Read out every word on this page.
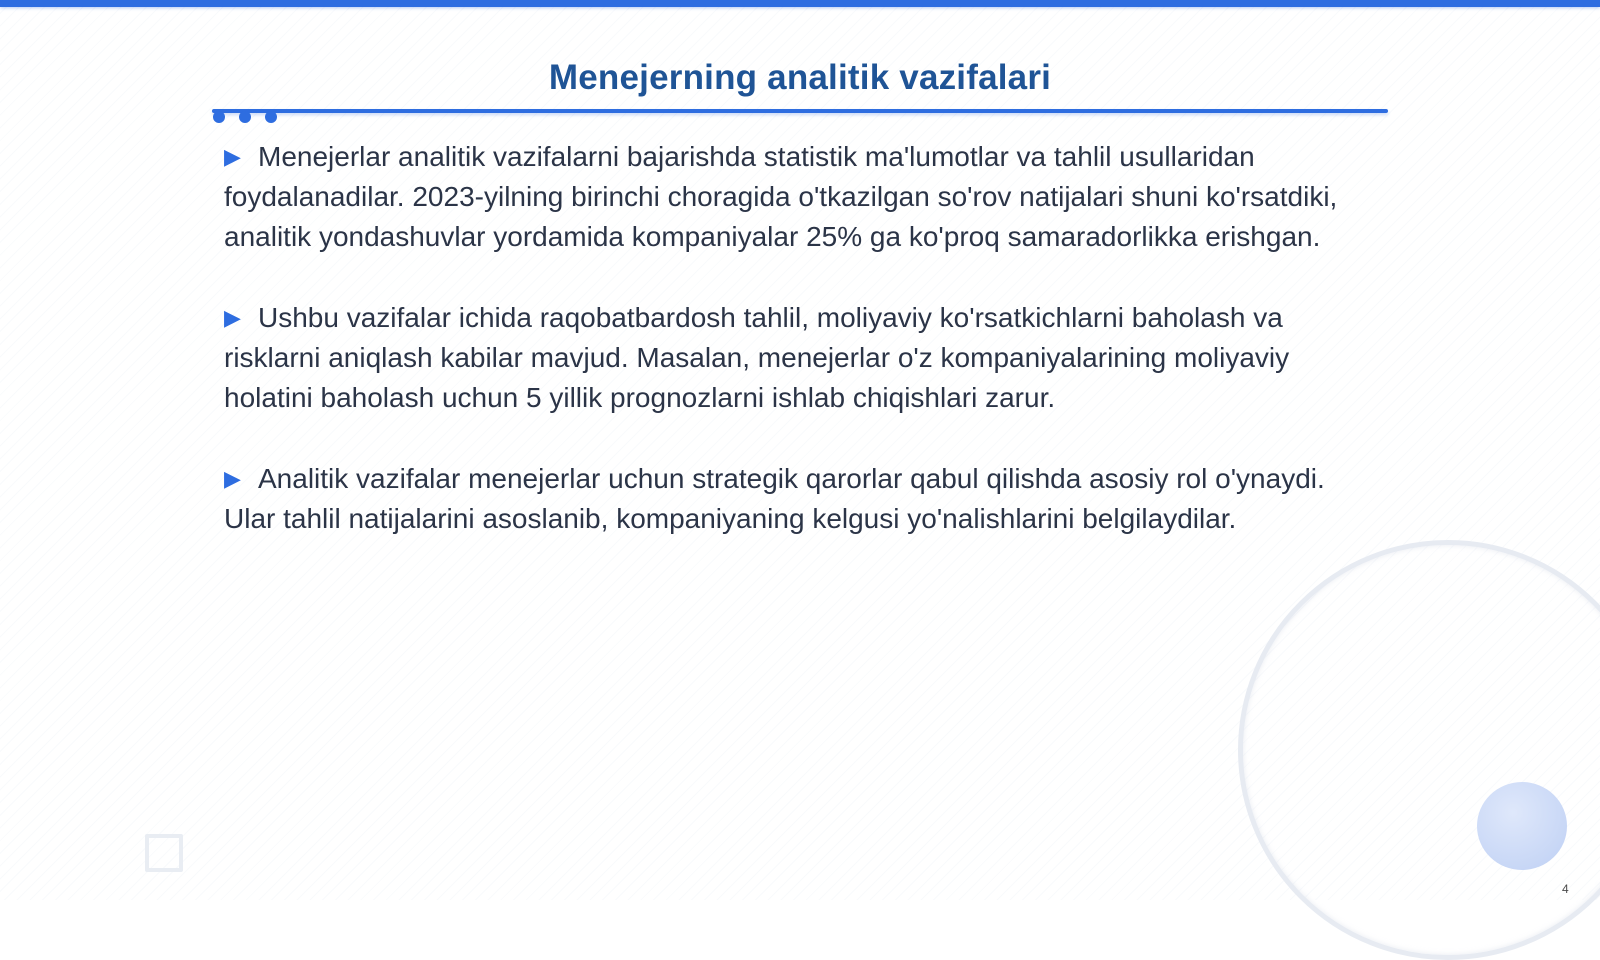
Menejerning analitik vazifalari

▶ Menejerlar analitik vazifalarni bajarishda statistik ma'lumotlar va tahlil usullaridan foydalanadilar. 2023-yilning birinchi choragida o'tkazilgan so'rov natijalari shuni ko'rsatdiki, analitik yondashuvlar yordamida kompaniyalar 25% ga ko'proq samaradorlikka erishgan.

▶ Ushbu vazifalar ichida raqobatbardosh tahlil, moliyaviy ko'rsatkichlarni baholash va risklarni aniqlash kabilar mavjud. Masalan, menejerlar o'z kompaniyalarining moliyaviy holatini baholash uchun 5 yillik prognozlarni ishlab chiqishlari zarur.

▶ Analitik vazifalar menejerlar uchun strategik qarorlar qabul qilishda asosiy rol o'ynaydi. Ular tahlil natijalarini asoslanib, kompaniyaning kelgusi yo'nalishlarini belgilaydilar.

4
